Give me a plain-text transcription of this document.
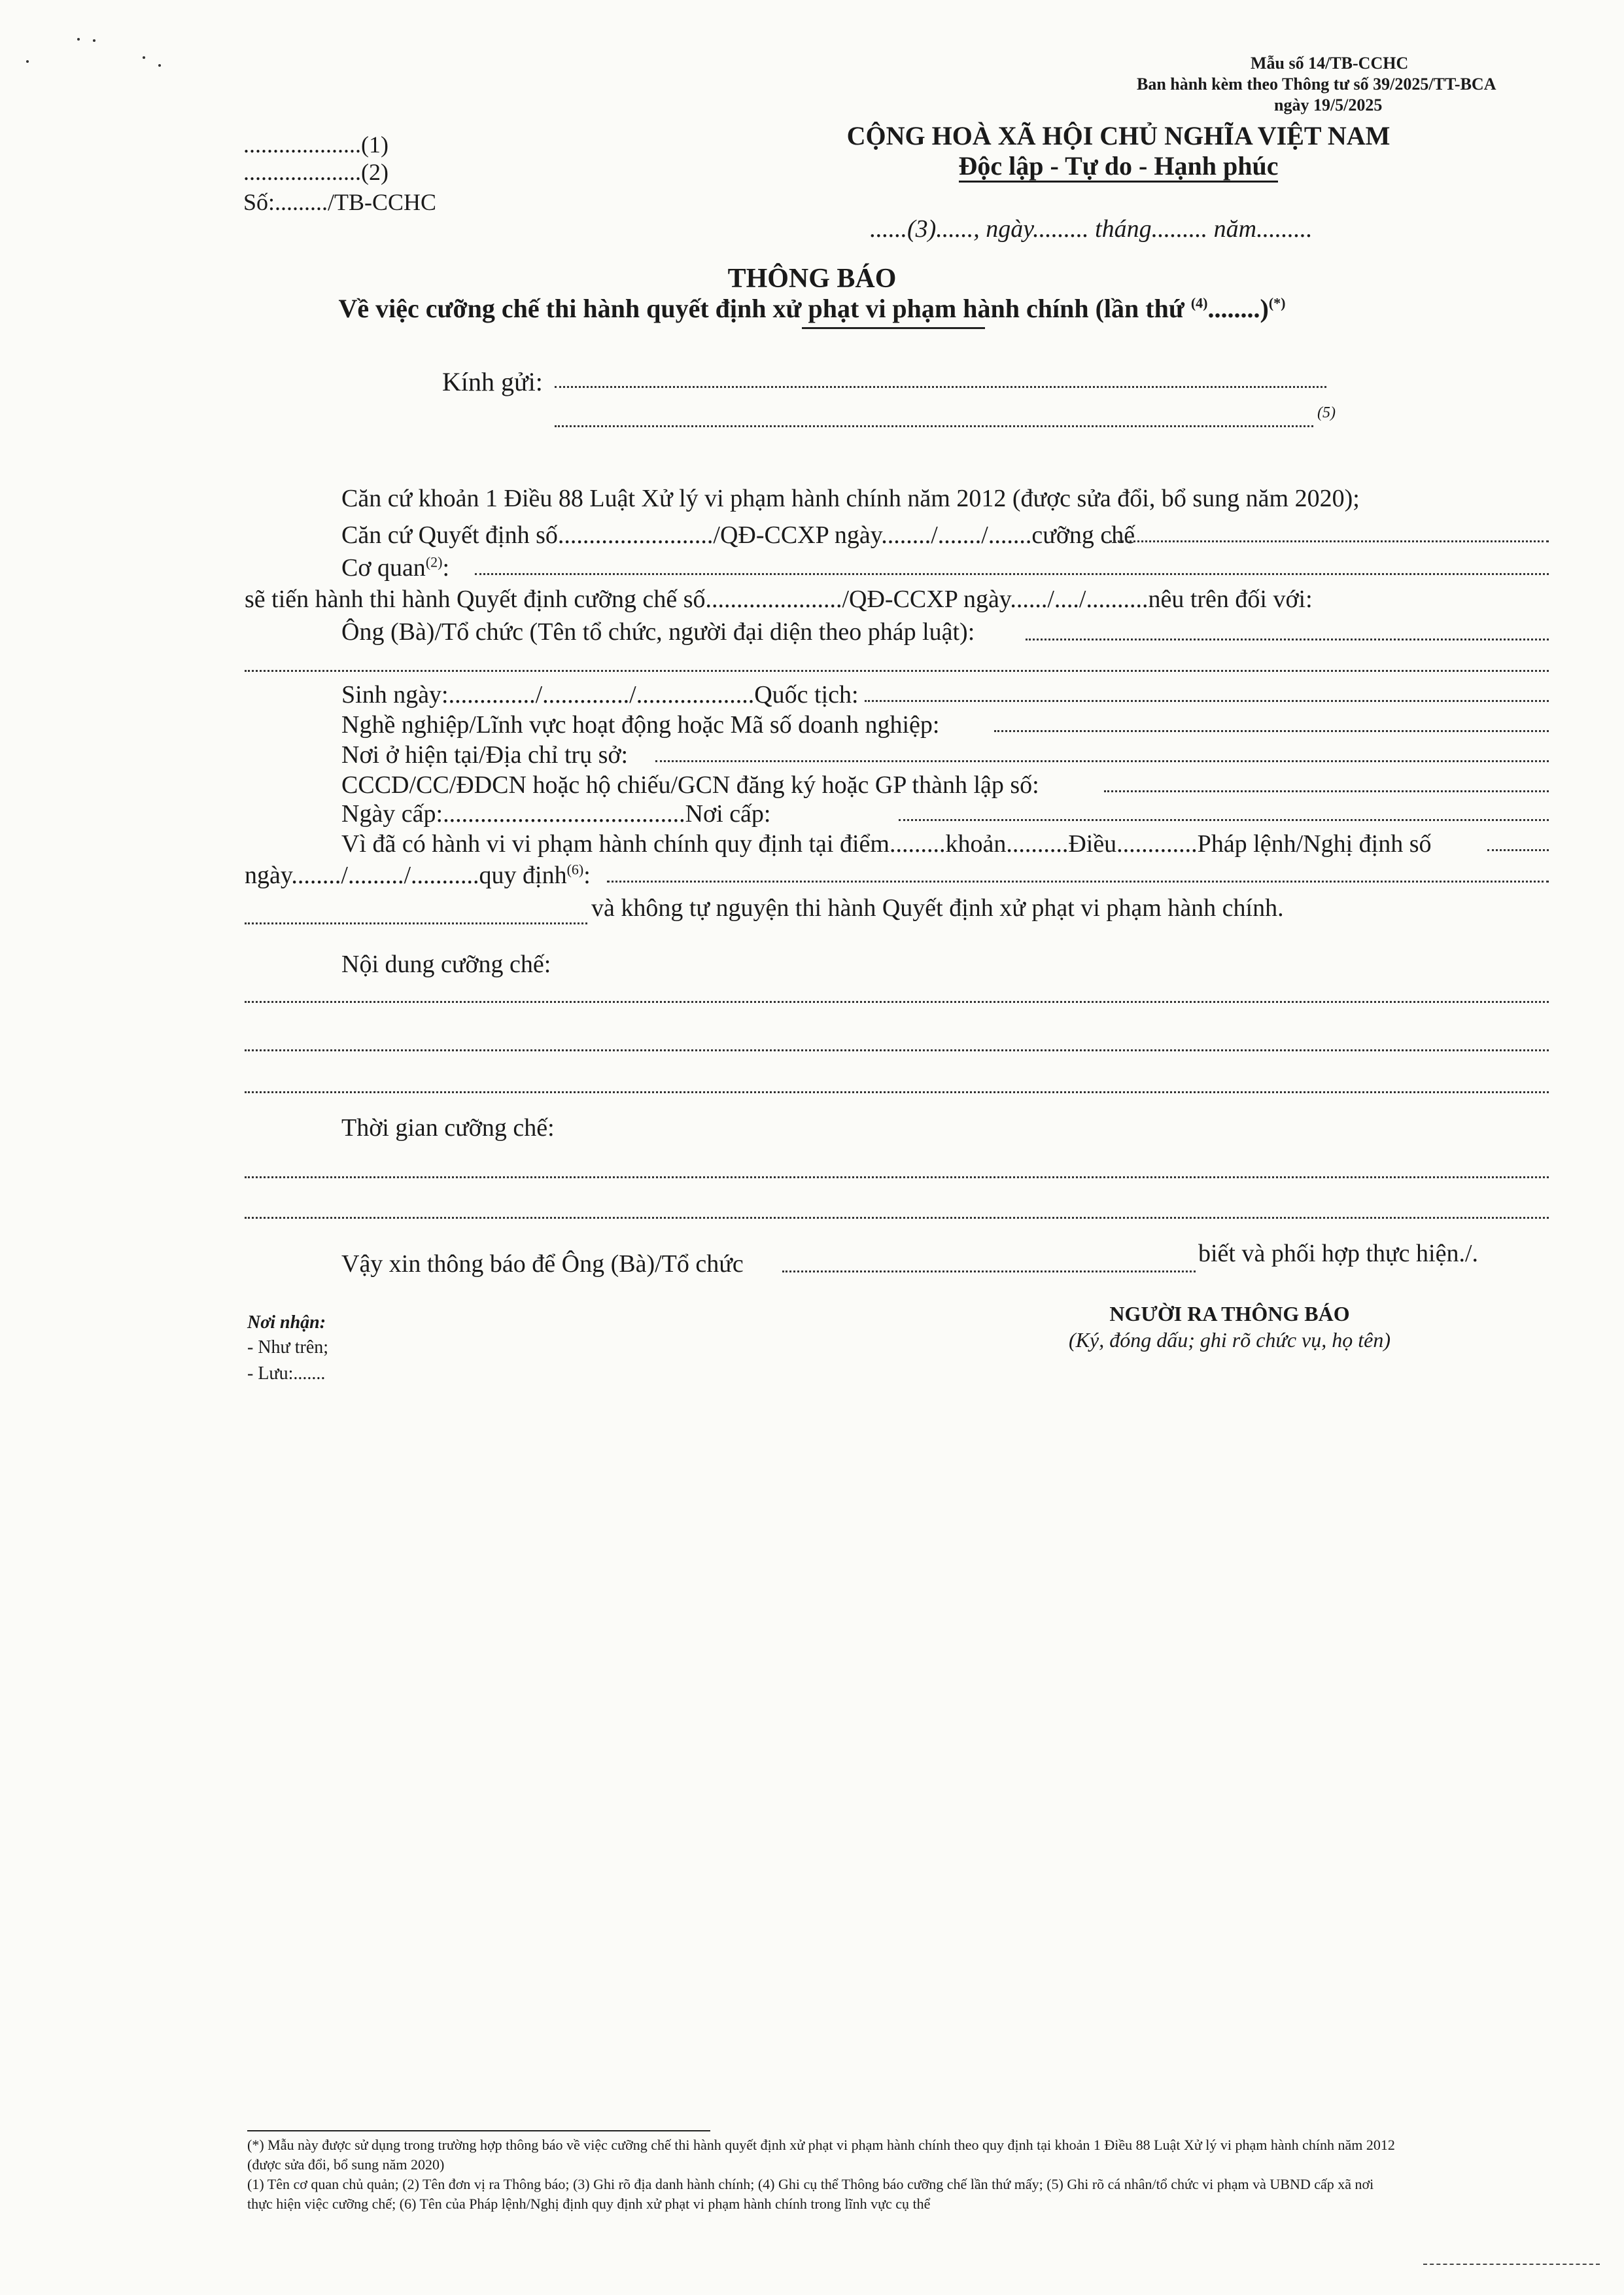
Mẫu số 14/TB-CCHC
Ban hành kèm theo Thông tư số 39/2025/TT-BCA
ngày 19/5/2025
....................(1)
....................(2)
Số:........./TB-CCHC
CỘNG HOÀ XÃ HỘI CHỦ NGHĨA VIỆT NAM
Độc lập - Tự do - Hạnh phúc
......(3)......, ngày......... tháng......... năm.........
THÔNG BÁO
Về việc cưỡng chế thi hành quyết định xử phạt vi phạm hành chính (lần thứ $^{(4)}$........)(*)
Kính gửi:
(5)
Căn cứ khoản 1 Điều 88 Luật Xử lý vi phạm hành chính năm 2012 (được sửa đổi, bổ sung năm 2020);
Căn cứ Quyết định số........................./QĐ-CCXP ngày......../......./.......cưỡng chế
Cơ quan$^{(2)}$:
sẽ tiến hành thi hành Quyết định cưỡng chế số....................../QĐ-CCXP ngày....../..../..........nêu trên đối với:
Ông (Bà)/Tổ chức (Tên tổ chức, người đại diện theo pháp luật):
Sinh ngày:............../............../...................Quốc tịch:
Nghề nghiệp/Lĩnh vực hoạt động hoặc Mã số doanh nghiệp:
Nơi ở hiện tại/Địa chỉ trụ sở:
CCCD/CC/ĐDCN hoặc hộ chiếu/GCN đăng ký hoặc GP thành lập số:
Ngày cấp:.......................................Nơi cấp:
Vì đã có hành vi vi phạm hành chính quy định tại điểm.........khoản..........Điều.............Pháp lệnh/Nghị định số
ngày......../........./...........quy định$^{(6)}$:
và không tự nguyện thi hành Quyết định xử phạt vi phạm hành chính.
Nội dung cưỡng chế:
Thời gian cưỡng chế:
Vậy xin thông báo để Ông (Bà)/Tổ chức	biết và phối hợp thực hiện./.
Nơi nhận:
- Như trên;
- Lưu:.......
NGƯỜI RA THÔNG BÁO
(Ký, đóng dấu; ghi rõ chức vụ, họ tên)
(*) Mẫu này được sử dụng trong trường hợp thông báo về việc cưỡng chế thi hành quyết định xử phạt vi phạm hành chính theo quy định tại khoản 1 Điều 88 Luật Xử lý vi phạm hành chính năm 2012
(được sửa đổi, bổ sung năm 2020)
(1) Tên cơ quan chủ quản; (2) Tên đơn vị ra Thông báo; (3) Ghi rõ địa danh hành chính; (4) Ghi cụ thể Thông báo cưỡng chế lần thứ mấy; (5) Ghi rõ cá nhân/tổ chức vi phạm và UBND cấp xã nơi
thực hiện việc cưỡng chế; (6) Tên của Pháp lệnh/Nghị định quy định xử phạt vi phạm hành chính trong lĩnh vực cụ thể
